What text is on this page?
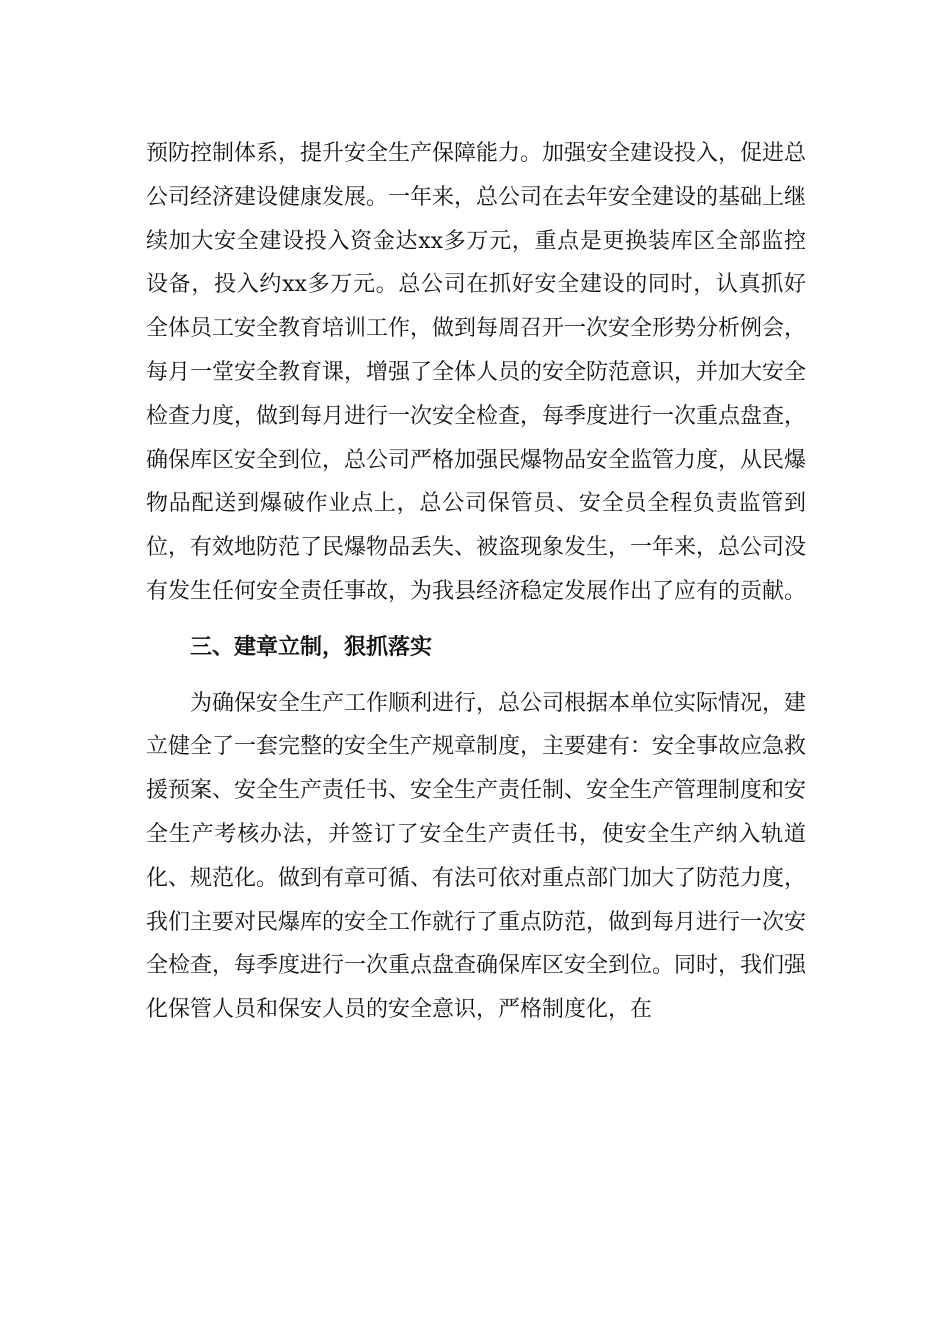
预防控制体系，提升安全生产保障能力。加强安全建设投入，促进总公司经济建设健康发展。一年来，总公司在去年安全建设的基础上继续加大安全建设投入资金达xx多万元，重点是更换装库区全部监控设备，投入约xx多万元。总公司在抓好安全建设的同时，认真抓好全体员工安全教育培训工作，做到每周召开一次安全形势分析例会，每月一堂安全教育课，增强了全体人员的安全防范意识，并加大安全检查力度，做到每月进行一次安全检查，每季度进行一次重点盘查，确保库区安全到位，总公司严格加强民爆物品安全监管力度，从民爆物品配送到爆破作业点上，总公司保管员、安全员全程负责监管到位，有效地防范了民爆物品丢失、被盗现象发生，一年来，总公司没有发生任何安全责任事故，为我县经济稳定发展作出了应有的贡献。

三、建章立制，狠抓落实

为确保安全生产工作顺利进行，总公司根据本单位实际情况，建立健全了一套完整的安全生产规章制度，主要建有：安全事故应急救援预案、安全生产责任书、安全生产责任制、安全生产管理制度和安全生产考核办法，并签订了安全生产责任书，使安全生产纳入轨道化、规范化。做到有章可循、有法可依对重点部门加大了防范力度，我们主要对民爆库的安全工作就行了重点防范，做到每月进行一次安全检查，每季度进行一次重点盘查确保库区安全到位。同时，我们强化保管人员和保安人员的安全意识，严格制度化，在
